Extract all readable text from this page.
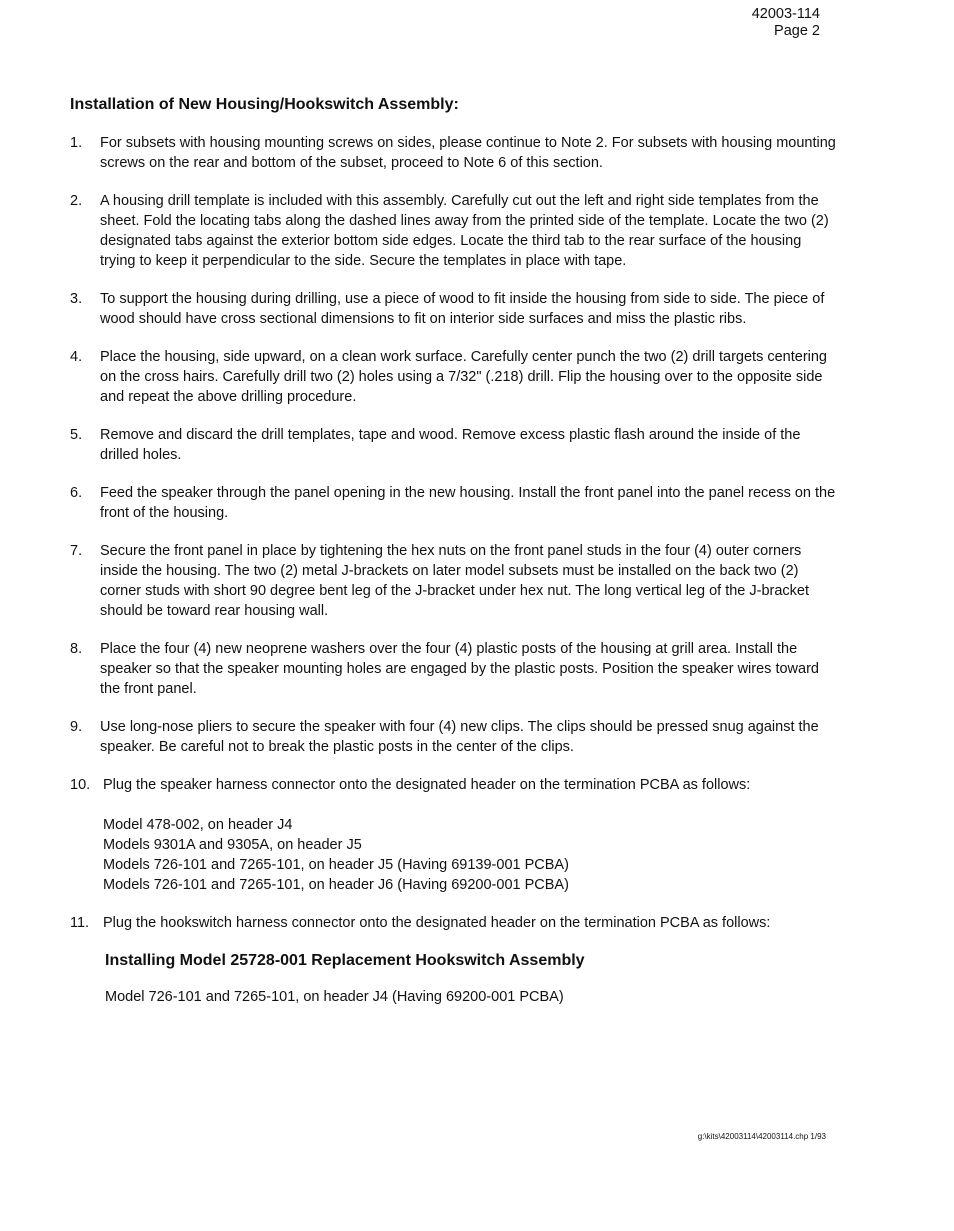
42003-114
Page 2
Installation of New Housing/Hookswitch Assembly:
1.	For subsets with housing mounting screws on sides, please continue to Note 2. For subsets with housing mounting screws on the rear and bottom of the subset, proceed to Note 6 of this section.
2.	A housing drill template is included with this assembly. Carefully cut out the left and right side templates from the sheet. Fold the locating tabs along the dashed lines away from the printed side of the template. Locate the two (2) designated tabs against the exterior bottom side edges. Locate the third tab to the rear surface of the housing trying to keep it perpendicular to the side. Secure the templates in place with tape.
3.	To support the housing during drilling, use a piece of wood to fit inside the housing from side to side. The piece of wood should have cross sectional dimensions to fit on interior side surfaces and miss the plastic ribs.
4.	Place the housing, side upward, on a clean work surface. Carefully center punch the two (2) drill targets centering on the cross hairs. Carefully drill two (2) holes using a 7/32" (.218) drill. Flip the housing over to the opposite side and repeat the above drilling procedure.
5.	Remove and discard the drill templates, tape and wood. Remove excess plastic flash around the inside of the drilled holes.
6.	Feed the speaker through the panel opening in the new housing. Install the front panel into the panel recess on the front of the housing.
7.	Secure the front panel in place by tightening the hex nuts on the front panel studs in the four (4) outer corners inside the housing. The two (2) metal J-brackets on later model subsets must be installed on the back two (2) corner studs with short 90 degree bent leg of the J-bracket under hex nut. The long vertical leg of the J-bracket should be toward rear housing wall.
8.	Place the four (4) new neoprene washers over the four (4) plastic posts of the housing at grill area. Install the speaker so that the speaker mounting holes are engaged by the plastic posts. Position the speaker wires toward the front panel.
9.	Use long-nose pliers to secure the speaker with four (4) new clips. The clips should be pressed snug against the speaker. Be careful not to break the plastic posts in the center of the clips.
10. Plug the speaker harness connector onto the designated header on the termination PCBA as follows:
Model 478-002, on header J4
Models 9301A and 9305A, on header J5
Models 726-101 and 7265-101, on header J5 (Having 69139-001 PCBA)
Models 726-101 and 7265-101, on header J6 (Having 69200-001 PCBA)
11. Plug the hookswitch harness connector onto the designated header on the termination PCBA as follows:
Installing Model 25728-001 Replacement Hookswitch Assembly
Model 726-101 and 7265-101, on header J4 (Having 69200-001 PCBA)
g:\kits\42003114\42003114.chp 1/93
